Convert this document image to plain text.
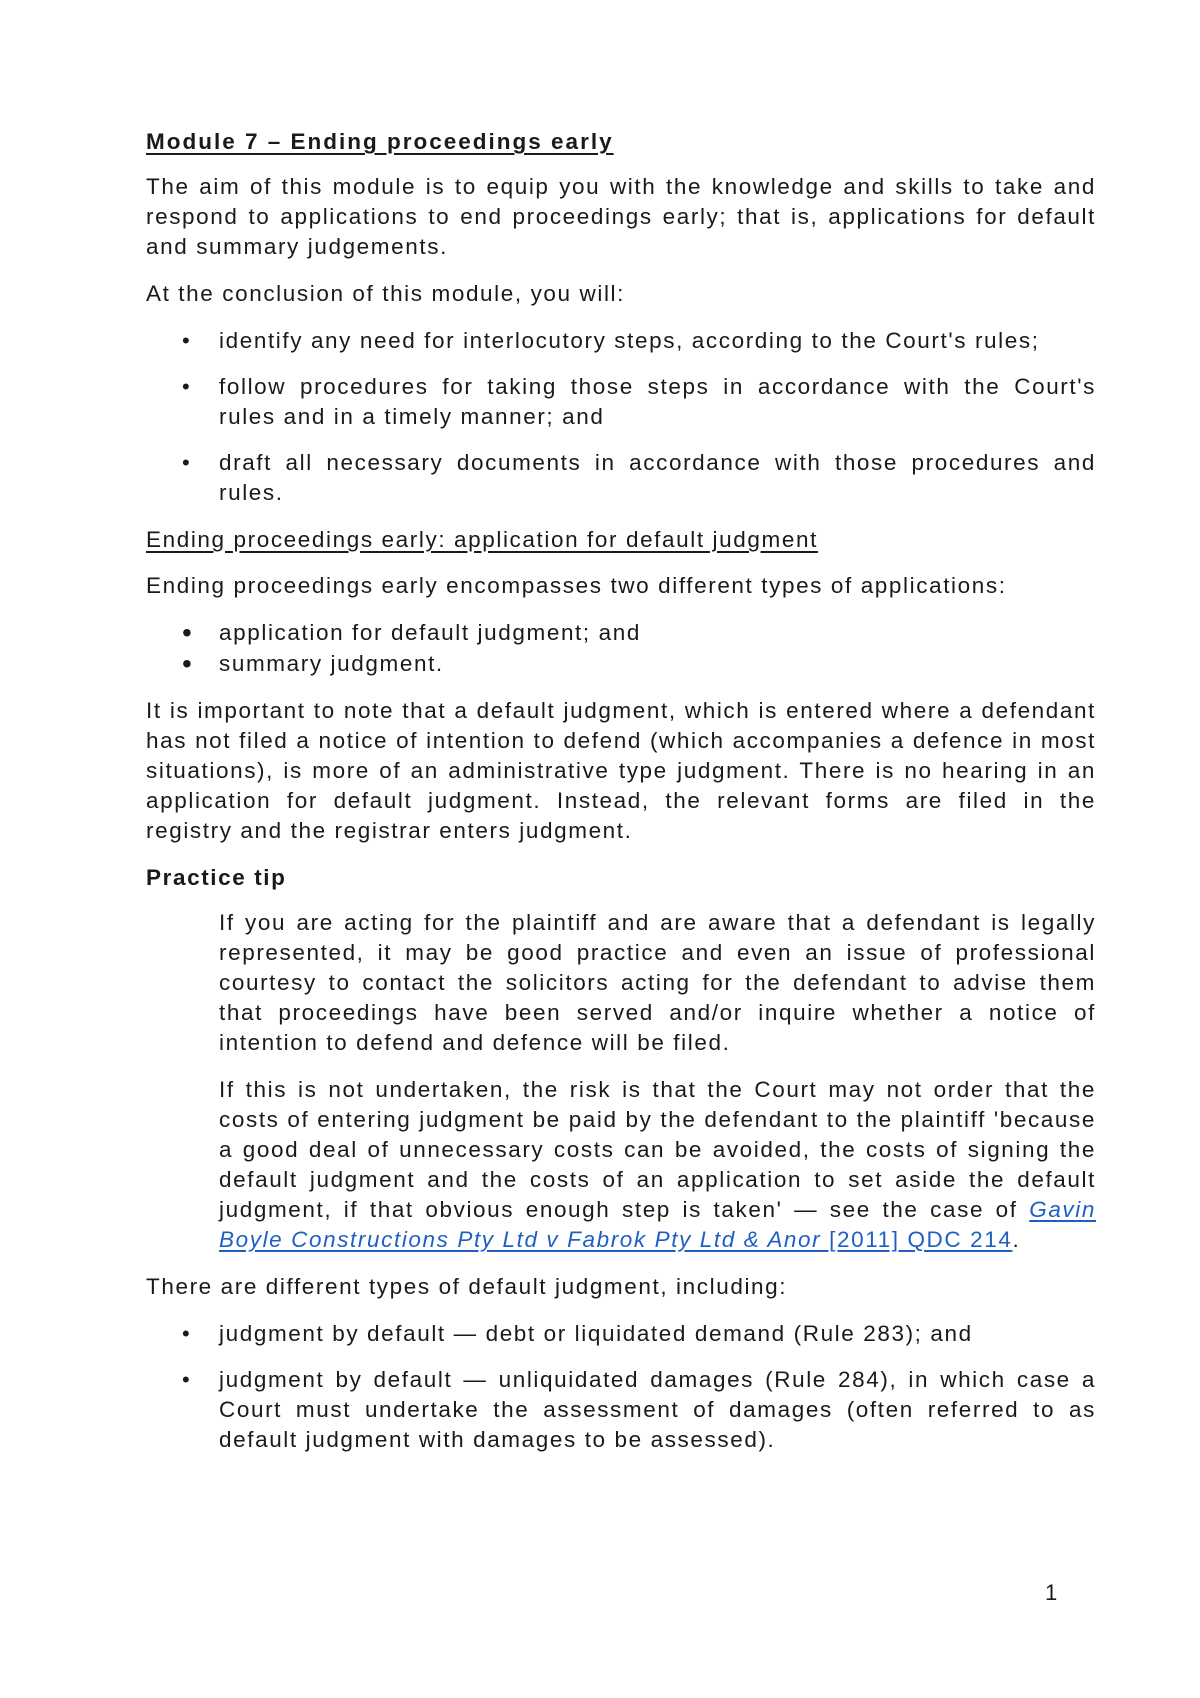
Module 7 – Ending proceedings early

The aim of this module is to equip you with the knowledge and skills to take and respond to applications to end proceedings early; that is, applications for default and summary judgements.

At the conclusion of this module, you will:

• identify any need for interlocutory steps, according to the Court's rules;
• follow procedures for taking those steps in accordance with the Court's rules and in a timely manner; and
• draft all necessary documents in accordance with those procedures and rules.

Ending proceedings early: application for default judgment

Ending proceedings early encompasses two different types of applications:

• application for default judgment; and
• summary judgment.

It is important to note that a default judgment, which is entered where a defendant has not filed a notice of intention to defend (which accompanies a defence in most situations), is more of an administrative type judgment. There is no hearing in an application for default judgment. Instead, the relevant forms are filed in the registry and the registrar enters judgment.

Practice tip

If you are acting for the plaintiff and are aware that a defendant is legally represented, it may be good practice and even an issue of professional courtesy to contact the solicitors acting for the defendant to advise them that proceedings have been served and/or inquire whether a notice of intention to defend and defence will be filed.

If this is not undertaken, the risk is that the Court may not order that the costs of entering judgment be paid by the defendant to the plaintiff 'because a good deal of unnecessary costs can be avoided, the costs of signing the default judgment and the costs of an application to set aside the default judgment, if that obvious enough step is taken' — see the case of Gavin Boyle Constructions Pty Ltd v Fabrok Pty Ltd & Anor [2011] QDC 214.

There are different types of default judgment, including:

• judgment by default — debt or liquidated demand (Rule 283); and
• judgment by default — unliquidated damages (Rule 284), in which case a Court must undertake the assessment of damages (often referred to as default judgment with damages to be assessed).
1
